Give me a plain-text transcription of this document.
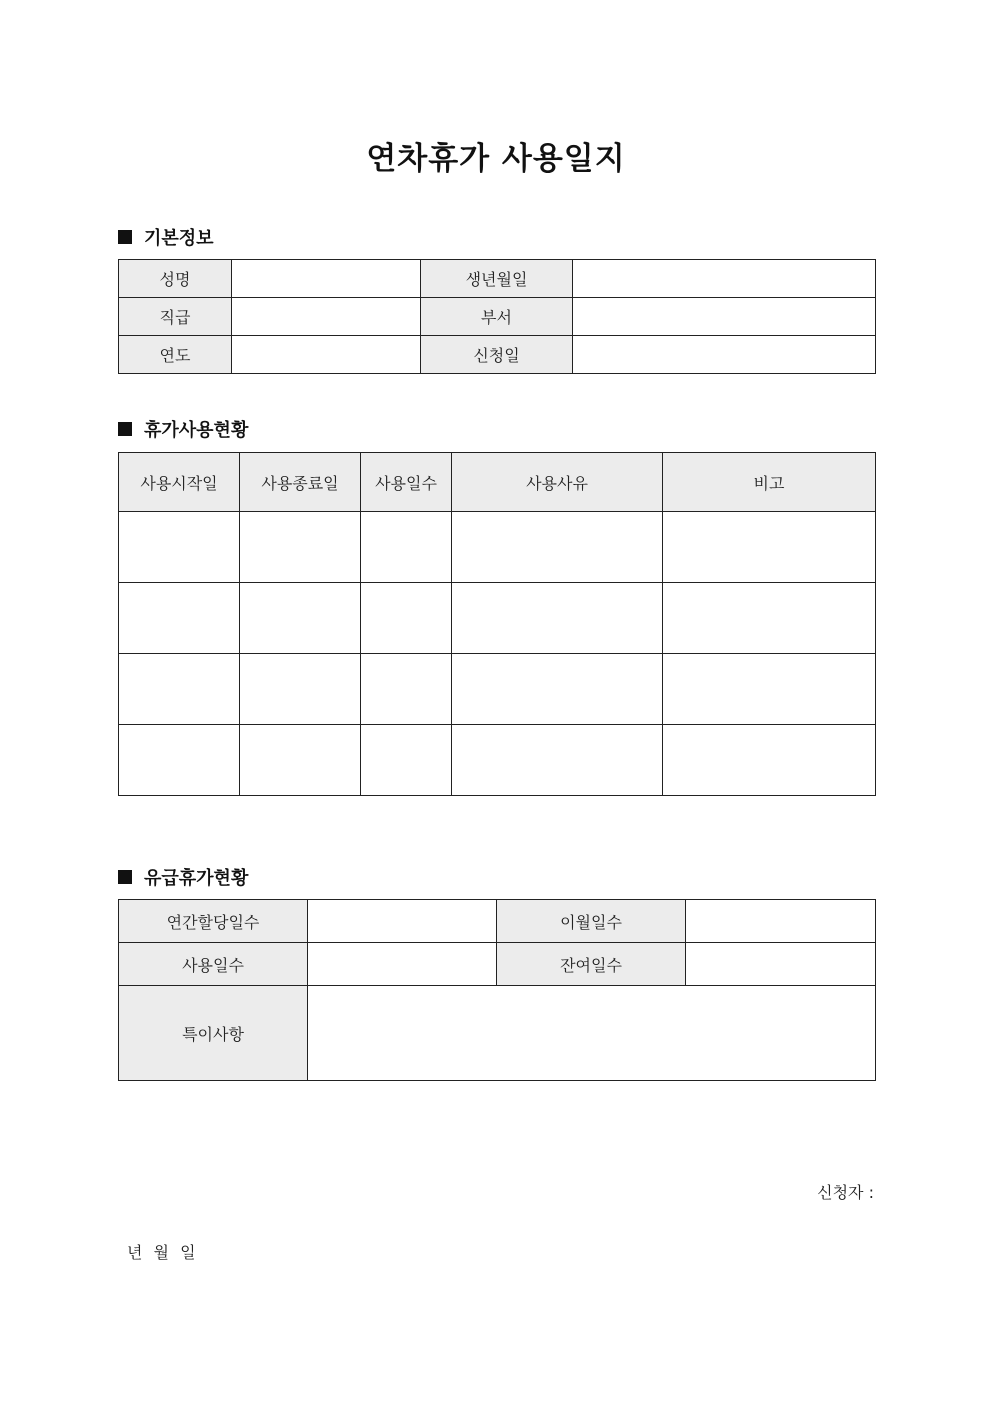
연차휴가 사용일지
기본정보
성명		생년월일	
직급		부서	
연도		신청일	
휴가사용현황
사용시작일	사용종료일	사용일수	사용사유	비고

유급휴가현황
연간할당일수		이월일수	
사용일수		잔여일수	
특이사항			
신청자 :
년 월 일
